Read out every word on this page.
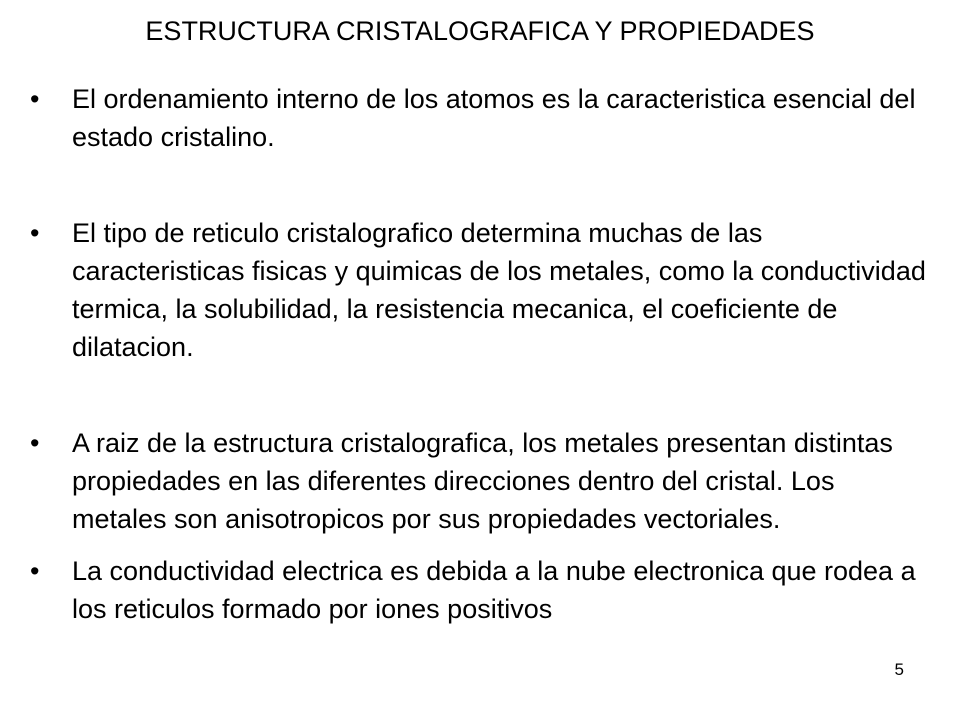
ESTRUCTURA CRISTALOGRAFICA Y PROPIEDADES
•	El ordenamiento interno de los atomos es la caracteristica esencial del estado cristalino.
•	El tipo de reticulo cristalografico determina muchas de las caracteristicas fisicas y quimicas de los metales, como la conductividad termica, la solubilidad, la resistencia mecanica, el coeficiente de dilatacion.
•	A raiz de la estructura cristalografica, los metales presentan distintas propiedades en las diferentes direcciones dentro del cristal. Los metales son anisotropicos por sus propiedades vectoriales.
•	La conductividad electrica es debida a la nube electronica que rodea a los reticulos formado por iones positivos
5
